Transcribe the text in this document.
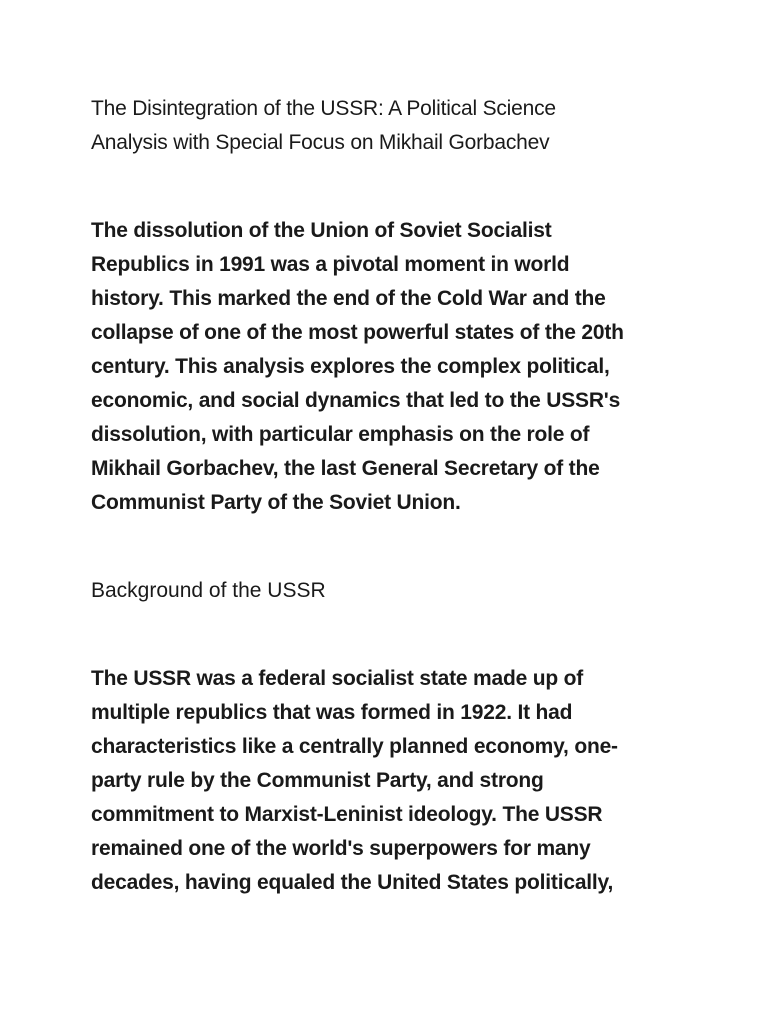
The Disintegration of the USSR: A Political Science
Analysis with Special Focus on Mikhail Gorbachev
The dissolution of the Union of Soviet Socialist
Republics in 1991 was a pivotal moment in world
history. This marked the end of the Cold War and the
collapse of one of the most powerful states of the 20th
century. This analysis explores the complex political,
economic, and social dynamics that led to the USSR's
dissolution, with particular emphasis on the role of
Mikhail Gorbachev, the last General Secretary of the
Communist Party of the Soviet Union.
Background of the USSR
The USSR was a federal socialist state made up of
multiple republics that was formed in 1922. It had
characteristics like a centrally planned economy, one-
party rule by the Communist Party, and strong
commitment to Marxist-Leninist ideology. The USSR
remained one of the world's superpowers for many
decades, having equaled the United States politically,
